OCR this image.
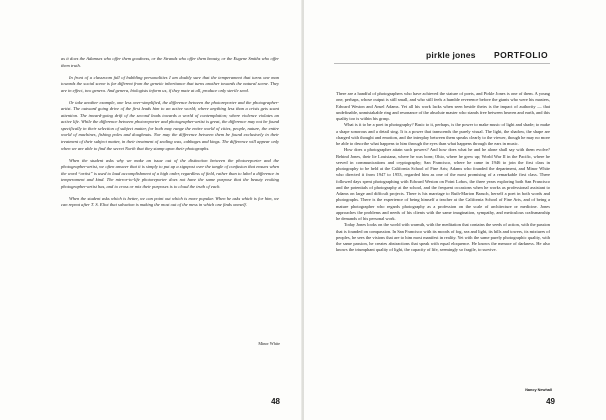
as it does the Adamses who offer them goodness, or the Strands who offer them beauty, or the Eugene Smiths who offer them truth.

In front of a classroom full of bubbling personalities I am doubly sure that the temperament that turns one man towards the social scene is far different from the genetic inheritance that turns another towards the natural scene. They are in effect, two genera. And genera, biologists inform us, if they mate at all, produce only sterile seed.

Or take another example, one less over-simplified, the difference between the photoreporter and the photographer-artist. The outward going drive of the first leads him to an active world; where anything less than a crisis gets scant attention. The inward-going drift of the second leads towards a world of contemplation; where violence violates an active life. While the difference between photoreporter and photographer-artist is great, the difference may not be found specifically in their selection of subject matter, for both may range the entire world of cities, people, nature, the entire world of machines, fishing poles and doughnuts. Nor may the difference between them be found exclusively in their treatment of their subject matter, in their treatment of sealing wax, cabbages and kings. The difference will appear only when we are able to find the secret North that they stamp upon their photographs.

When the student asks why we make an issue out of the distinction between the photoreporter and the photographer-artist, we often answer that it is simply to put up a signpost over the tangle of confusion that ensues when the word “artist” is used to laud accomplishment of a high order, regardless of field, rather than to label a difference in temperament and kind. The mirror-to-life photoreporter does not have the same purpose that the beauty evoking photographer-artist has, and to cross or mix their purposes is to cloud the truth of each.

When the student asks which is better, we can point out which is more popular. When he asks which is for him, we can repeat after T. S. Eliot that salvation is making the most out of the mess in which one finds oneself.

Minor White
48
pirkle jones PORTFOLIO

There are a handful of photographers who have achieved the stature of poets, and Pirkle Jones is one of them. A young one, perhaps, whose output is still small, and who still feels a humble reverence before the giants who were his masters, Edward Weston and Ansel Adams. Yet all his work lacks when seen beside theirs is the impact of authority — that undefinable, unmistakable ring and resonance of the absolute master who stands free between heaven and earth, and this quality too is within his grasp.

What is it to be a poet in photography? Basic to it, perhaps, is the power to make music of light and shade; to make a shape sonorous and a detail sing. It is a power that transcends the purely visual. The light, the shadow, the shape are charged with thought and emotion, and the interplay between them speaks clearly to the viewer, though he may no more be able to describe what happens to him through the eyes than what happens through the ears in music.

How does a photographer attain such powers? And how does what he and he alone shall say with them evolve? Behind Jones, their lie Louisiana, where he was born; Ohio, where he grew up; World War II in the Pacific, where he served in communications and cryptography; San Francisco, where he came in 1946 to join the first class in photography to be held at the California School of Fine Arts; Adams who founded the department, and Minor White who directed it from 1947 to 1953, regarded him as one of the most promising of a remarkable first class. There followed days spent photographing with Edward Weston on Point Lobos, the three years exploring both San Francisco and the potentials of photography at the school, and the frequent occasions when he works as professional assistant to Adams on large and difficult projects. There is his marriage to Ruth-Marion Baruch, herself a poet in both words and photographs. There is the experience of being himself a teacher at the California School of Fine Arts, and of being a mature photographer who regards photography as a profession on the scale of architecture or medicine. Jones approaches the problems and needs of his clients with the same imagination, sympathy, and meticulous craftsmanship he demands of his personal work.

Today Jones looks on the world with warmth, with the meditation that contains the seeds of action, with the passion that is founded on compassion. In San Francisco with its moods of fog, sea and light, its hills and towers, its mixtures of peoples, he sees the visions that are to him most manifest in reality. Yet with the same purely photographic quality, with the same passion, he creates abstractions that speak with equal eloquence. He knows the menace of darkness. He also knows the triumphant quality of light, the capacity of life, seemingly so fragile, to survive.

Nancy Newhall
49
